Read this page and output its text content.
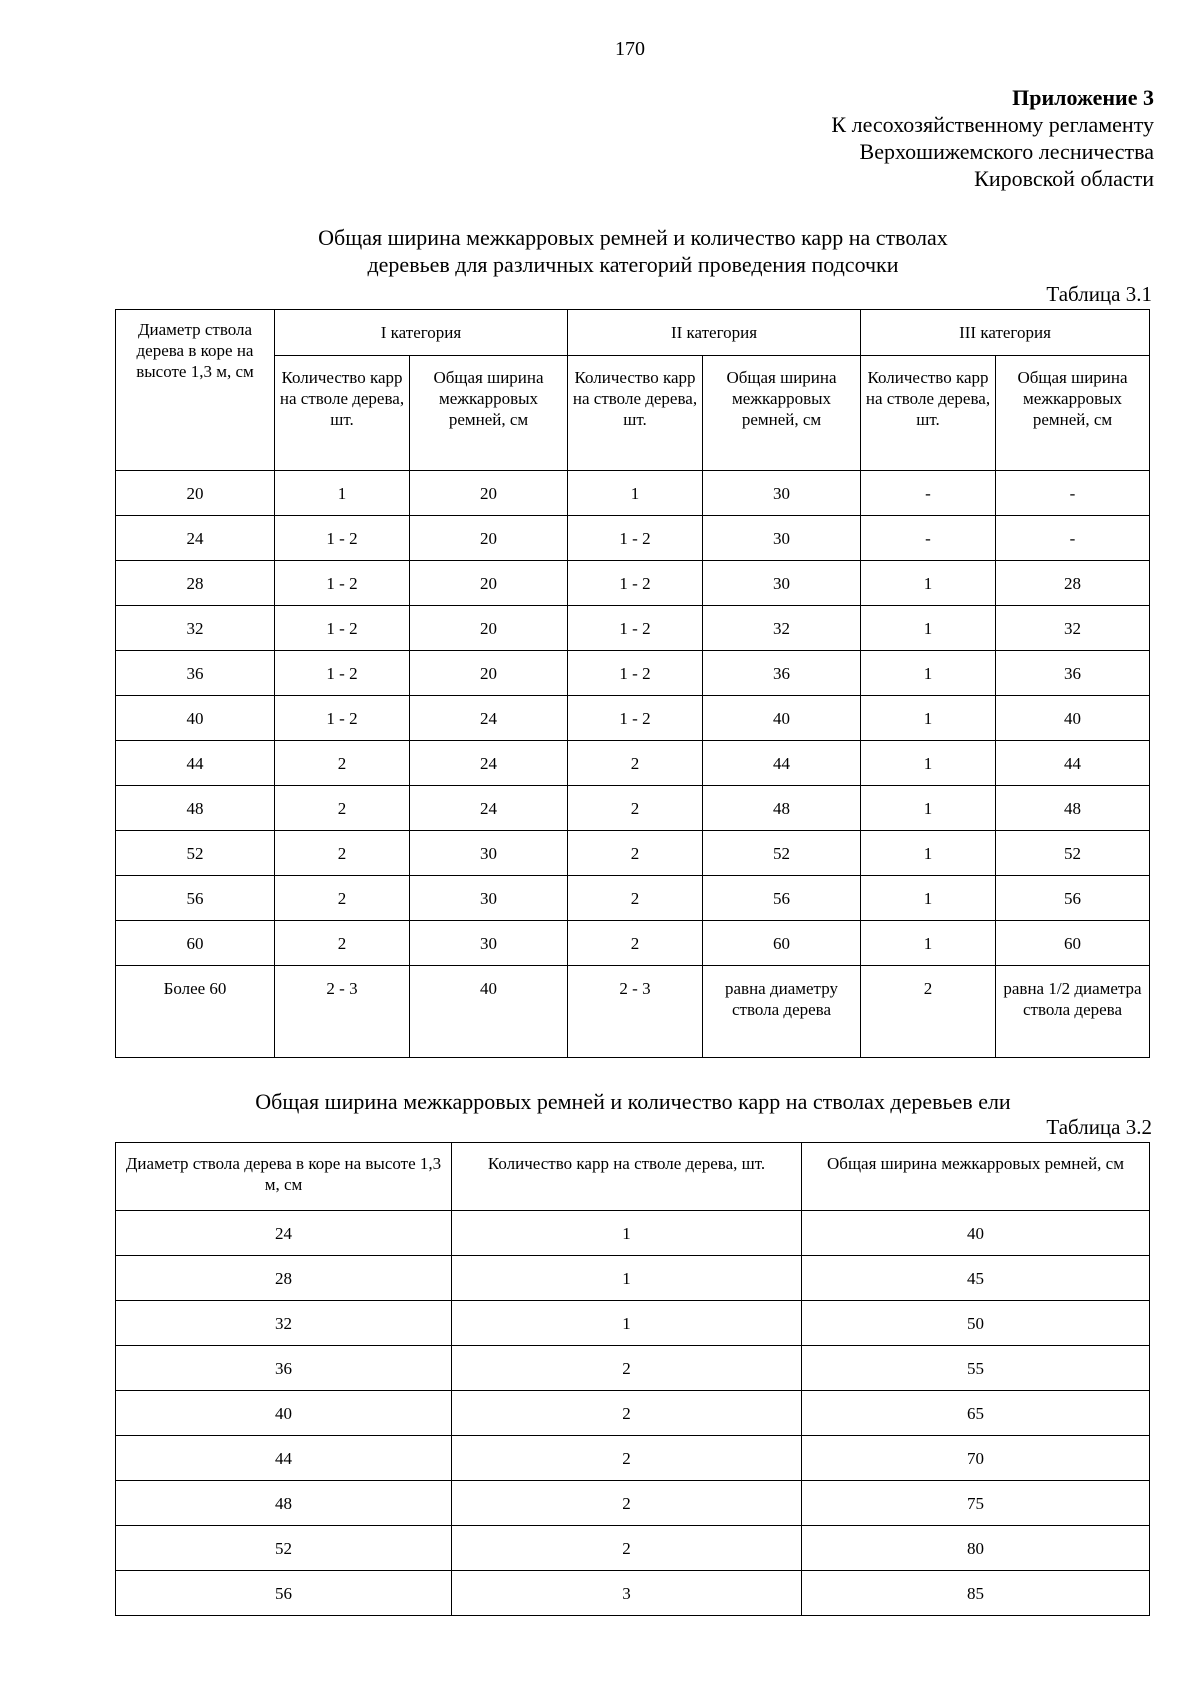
170
Приложение 3
К лесохозяйственному регламенту
Верхошижемского лесничества
Кировской области
Общая ширина межкарровых ремней и количество карр на стволах
деревьев для различных категорий проведения подсочки
Таблица 3.1
Диаметр ствола дерева в коре на высоте 1,3 м, см	I категория		II категория		III категория	
	Количество карр на стволе дерева, шт.	Общая ширина межкарровых ремней, см	Количество карр на стволе дерева, шт.	Общая ширина межкарровых ремней, см	Количество карр на стволе дерева, шт.	Общая ширина межкарровых ремней, см
20	1	20	1	30	-	-
24	1 - 2	20	1 - 2	30	-	-
28	1 - 2	20	1 - 2	30	1	28
32	1 - 2	20	1 - 2	32	1	32
36	1 - 2	20	1 - 2	36	1	36
40	1 - 2	24	1 - 2	40	1	40
44	2	24	2	44	1	44
48	2	24	2	48	1	48
52	2	30	2	52	1	52
56	2	30	2	56	1	56
60	2	30	2	60	1	60
Более 60	2 - 3	40	2 - 3	равна диаметру ствола дерева	2	равна 1/2 диаметра ствола дерева
Общая ширина межкарровых ремней и количество карр на стволах деревьев ели
Таблица 3.2
Диаметр ствола дерева в коре на высоте 1,3 м, см	Количество карр на стволе дерева, шт.	Общая ширина межкарровых ремней, см
24	1	40
28	1	45
32	1	50
36	2	55
40	2	65
44	2	70
48	2	75
52	2	80
56	3	85
